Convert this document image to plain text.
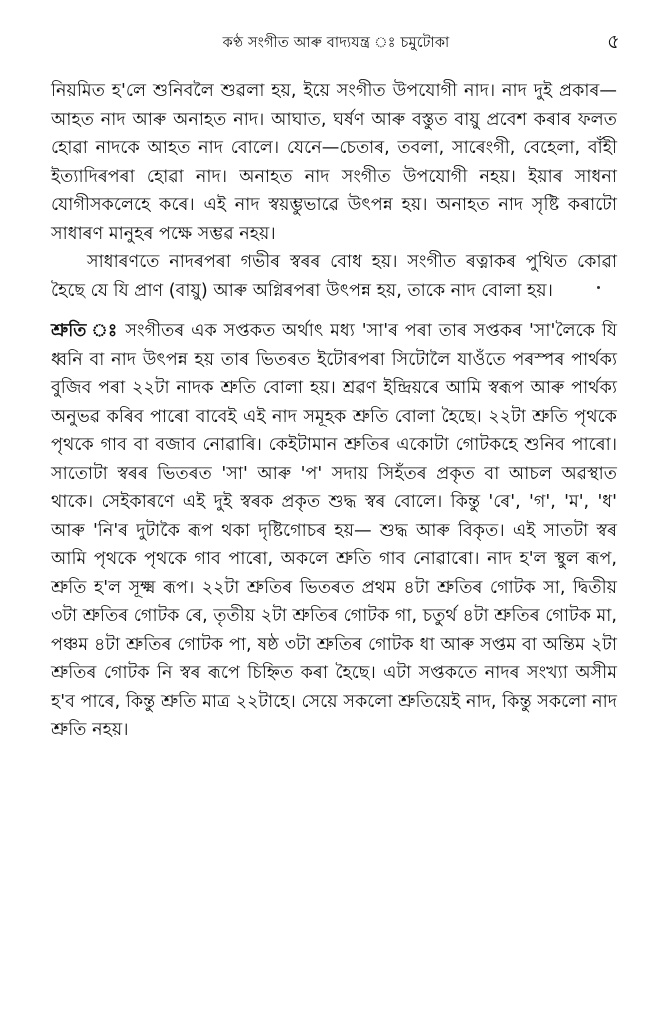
কণ্ঠ সংগীত আৰু বাদ্যযন্ত্ৰ ঃ চমুটোকা	৫

নিয়মিত হ'লে শুনিবলৈ শুৱলা হয়, ইয়ে সংগীত উপযোগী নাদ। নাদ দুই প্ৰকাৰ— আহত নাদ আৰু অনাহত নাদ। আঘাত, ঘৰ্ষণ আৰু বস্তুত বায়ু প্ৰবেশ কৰাৰ ফলত হোৱা নাদকে আহত নাদ বোলে। যেনে—চেতাৰ, তবলা, সাৰেংগী, বেহেলা, বাঁহী ইত্যাদিৰপৰা হোৱা নাদ। অনাহত নাদ সংগীত উপযোগী নহয়। ইয়াৰ সাধনা যোগীসকলেহে কৰে। এই নাদ স্বয়ম্ভুভাৱে উৎপন্ন হয়। অনাহত নাদ সৃষ্টি কৰাটো সাধাৰণ মানুহৰ পক্ষে সম্ভৱ নহয়।

সাধাৰণতে নাদৰপৰা গভীৰ স্বৰৰ বোধ হয়। সংগীত ৰত্নাকৰ পুথিত কোৱা হৈছে যে যি প্ৰাণ (বায়ু) আৰু অগ্নিৰপৰা উৎপন্ন হয়, তাকে নাদ বোলা হয়।

শ্ৰুতি ঃ সংগীতৰ এক সপ্তকত অৰ্থাৎ মধ্য 'সা'ৰ পৰা তাৰ সপ্তকৰ 'সা'লৈকে যি ধ্বনি বা নাদ উৎপন্ন হয় তাৰ ভিতৰত ইটোৰপৰা সিটোলৈ যাওঁতে পৰস্পৰ পাৰ্থক্য বুজিব পৰা ২২টা নাদক শ্ৰুতি বোলা হয়। শ্ৰৱণ ইন্দ্ৰিয়ৰে আমি স্বৰূপ আৰু পাৰ্থক্য অনুভৱ কৰিব পাৰো বাবেই এই নাদ সমূহক শ্ৰুতি বোলা হৈছে। ২২টা শ্ৰুতি পৃথকে পৃথকে গাব বা বজাব নোৱাৰি। কেইটামান শ্ৰুতিৰ একোটা গোটকহে শুনিব পাৰো। সাতোটা স্বৰৰ ভিতৰত 'সা' আৰু 'প' সদায় সিহঁতৰ প্ৰকৃত বা আচল অৱস্থাত থাকে। সেইকাৰণে এই দুই স্বৰক প্ৰকৃত শুদ্ধ স্বৰ বোলে। কিন্তু 'ৰে', 'গ', 'ম', 'ধ' আৰু 'নি'ৰ দুটাকৈ ৰূপ থকা দৃষ্টিগোচৰ হয়— শুদ্ধ আৰু বিকৃত। এই সাতটা স্বৰ আমি পৃথকে পৃথকে গাব পাৰো, অকলে শ্ৰুতি গাব নোৱাৰো। নাদ হ'ল স্থুল ৰূপ, শ্ৰুতি হ'ল সূক্ষ্ম ৰূপ। ২২টা শ্ৰুতিৰ ভিতৰত প্ৰথম ৪টা শ্ৰুতিৰ গোটক সা, দ্বিতীয় ৩টা শ্ৰুতিৰ গোটক ৰে, তৃতীয় ২টা শ্ৰুতিৰ গোটক গা, চতুৰ্থ ৪টা শ্ৰুতিৰ গোটক মা, পঞ্চম ৪টা শ্ৰুতিৰ গোটক পা, ষষ্ঠ ৩টা শ্ৰুতিৰ গোটক ধা আৰু সপ্তম বা অন্তিম ২টা শ্ৰুতিৰ গোটক নি স্বৰ ৰূপে চিহ্নিত কৰা হৈছে। এটা সপ্তকতে নাদৰ সংখ্যা অসীম হ'ব পাৰে, কিন্তু শ্ৰুতি মাত্ৰ ২২টাহে। সেয়ে সকলো শ্ৰুতিয়েই নাদ, কিন্তু সকলো নাদ শ্ৰুতি নহয়।
